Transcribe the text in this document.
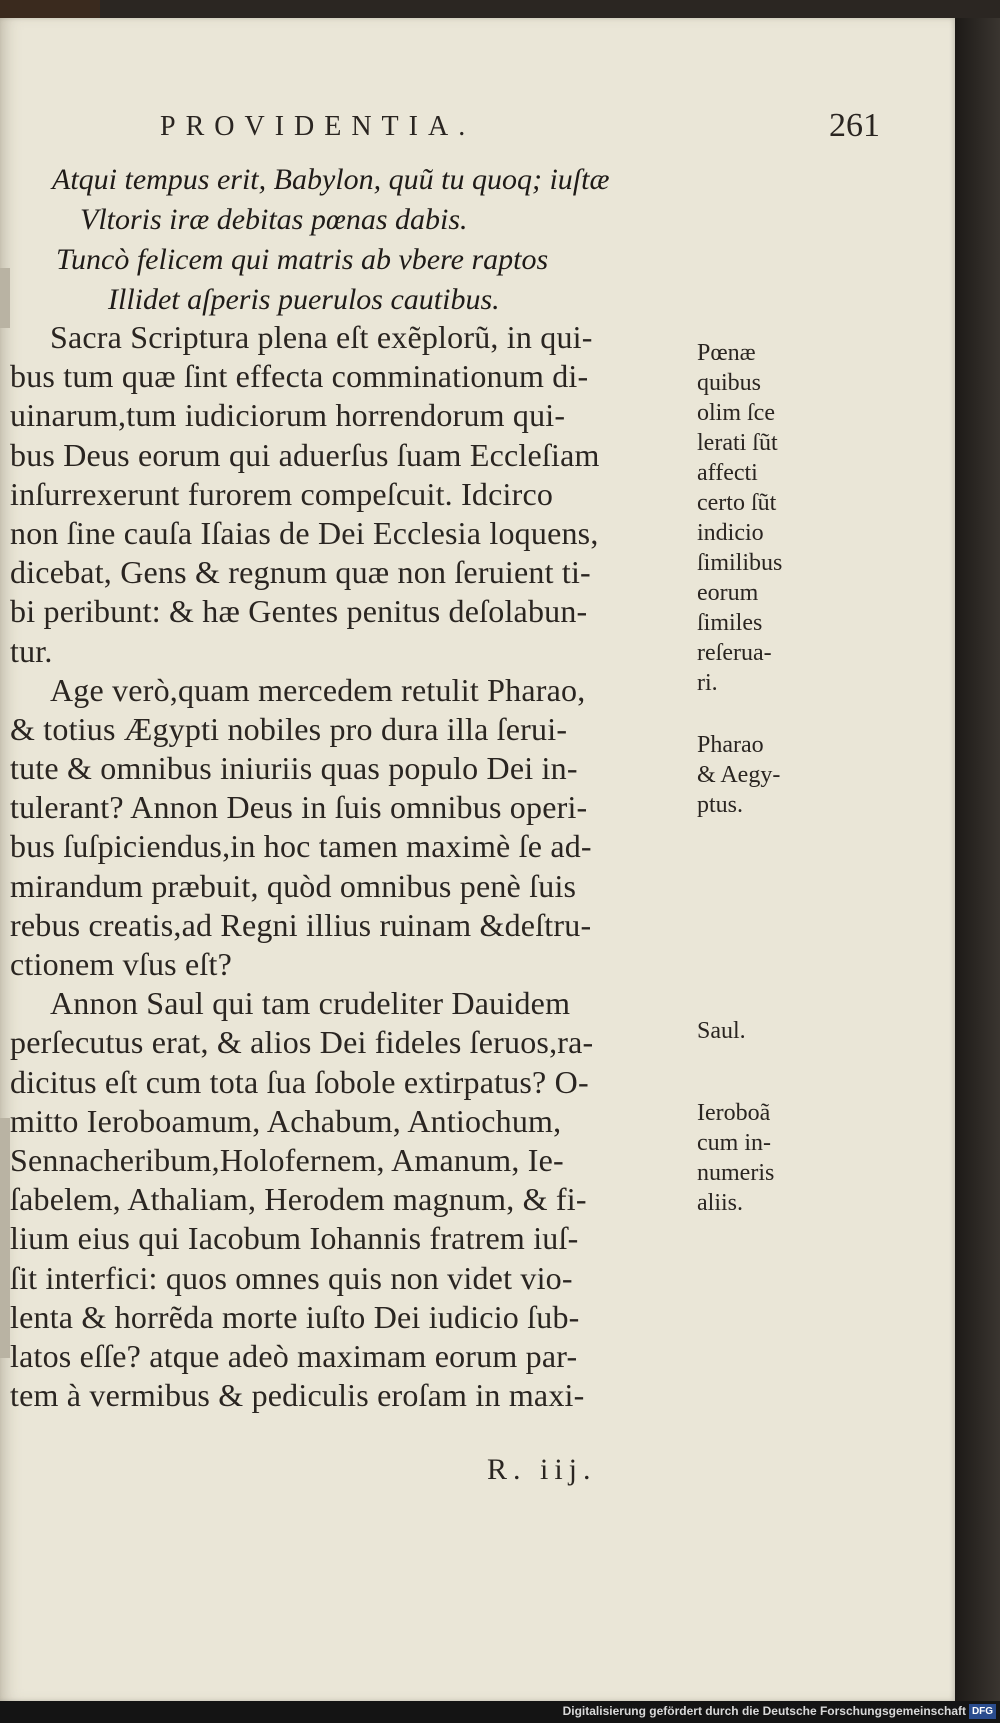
PROVIDENTIA.	261
Atqui tempus erit, Babylon, quũ tu quoq; iuſtæ
Vltoris iræ debitas pœnas dabis.
Tuncò felicem qui matris ab vbere raptos
Illidet aſperis puerulos cautibus.
Sacra Scriptura plena eſt exẽplorũ, in qui-
bus tum quæ ſint effecta comminationum di-
uinarum,tum iudiciorum horrendorum qui-
bus Deus eorum qui aduerſus ſuam Eccleſiam
inſurrexerunt furorem compeſcuit. Idcirco
non ſine cauſa Iſaias de Dei Ecclesia loquens,
dicebat, Gens & regnum quæ non ſeruient ti-
bi peribunt: & hæ Gentes penitus deſolabun-
tur.
Age verò,quam mercedem retulit Pharao,
& totius Ægypti nobiles pro dura illa ſerui-
tute & omnibus iniuriis quas populo Dei in-
tulerant? Annon Deus in ſuis omnibus operi-
bus ſuſpiciendus,in hoc tamen maximè ſe ad-
mirandum præbuit, quòd omnibus penè ſuis
rebus creatis,ad Regni illius ruinam &deſtru-
ctionem vſus eſt?
Annon Saul qui tam crudeliter Dauidem
perſecutus erat, & alios Dei fideles ſeruos,ra-
dicitus eſt cum tota ſua ſobole extirpatus? O-
mitto Ieroboamum, Achabum, Antiochum,
Sennacheribum,Holofernem, Amanum, Ie-
ſabelem, Athaliam, Herodem magnum, & fi-
lium eius qui Iacobum Iohannis fratrem iuſ-
ſit interfici: quos omnes quis non videt vio-
lenta & horrẽda morte iuſto Dei iudicio ſub-
latos eſſe? atque adeò maximam eorum par-
tem à vermibus & pediculis eroſam in maxi-
Pœnæ
quibus
olim ſce
lerati ſũt
affecti
certo ſũt
indicio
ſimilibus
eorum
ſimiles
reſerua-
ri.
Pharao
& Aegy-
ptus.
Saul.
Ieroboã
cum in-
numeris
aliis.
R. iij.
Digitalisierung gefördert durch die Deutsche Forschungsgemeinschaft DFG
